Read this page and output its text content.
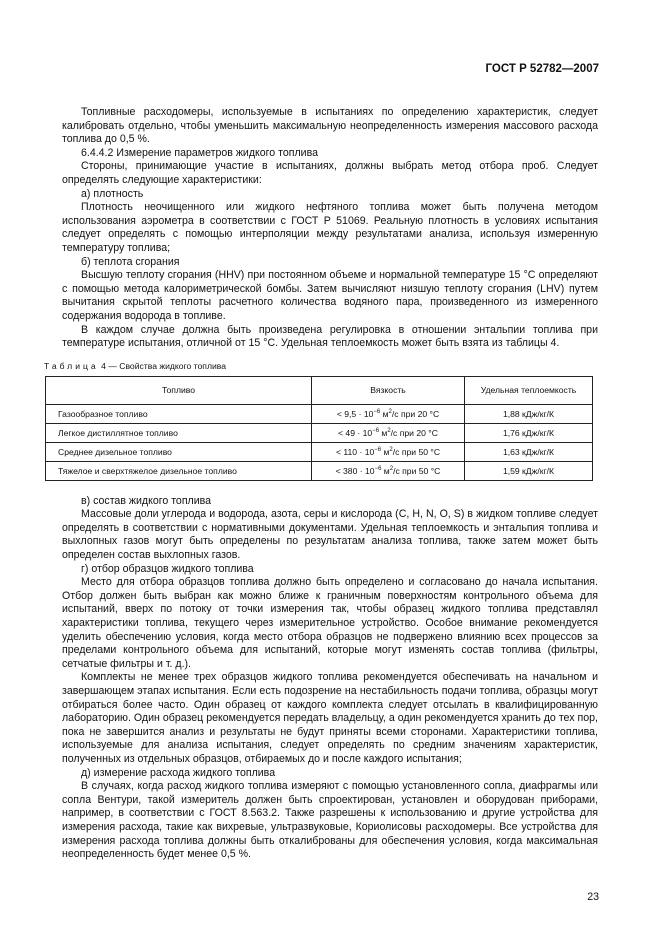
ГОСТ Р 52782—2007

Топливные расходомеры, используемые в испытаниях по определению характеристик, следует калибровать отдельно, чтобы уменьшить максимальную неопределенность измерения массового расхода топлива до 0,5 %.

6.4.4.2 Измерение параметров жидкого топлива

Стороны, принимающие участие в испытаниях, должны выбрать метод отбора проб. Следует определять следующие характеристики:

а) плотность

Плотность неочищенного или жидкого нефтяного топлива может быть получена методом использования аэрометра в соответствии с ГОСТ Р 51069. Реальную плотность в условиях испытания следует определять с помощью интерполяции между результатами анализа, используя измеренную температуру топлива;

б) теплота сгорания

Высшую теплоту сгорания (HHV) при постоянном объеме и нормальной температуре 15 °С определяют с помощью метода калориметрической бомбы. Затем вычисляют низшую теплоту сгорания (LHV) путем вычитания скрытой теплоты расчетного количества водяного пара, произведенного из измеренного содержания водорода в топливе.

В каждом случае должна быть произведена регулировка в отношении энтальпии топлива при температуре испытания, отличной от 15 °С. Удельная теплоемкость может быть взята из таблицы 4.

Таблица 4 — Свойства жидкого топлива
Топливо	Вязкость	Удельная теплоемкость
Газообразное топливо	< $9,5 \cdot 10^{-6}$ $м^2/с$ при 20 °С	1,88 кДж/кг/К
Легкое дистиллятное топливо	< $49 \cdot 10^{-6}$ $м^2/с$ при 20 °С	1,76 кДж/кг/К
Среднее дизельное топливо	< $110 \cdot 10^{-6}$ $м^2/с$ при 50 °С	1,63 кДж/кг/К
Тяжелое и сверхтяжелое дизельное топливо	< $380 \cdot 10^{-6}$ $м^2/с$ при 50 °С	1,59 кДж/кг/К

в) состав жидкого топлива

Массовые доли углерода и водорода, азота, серы и кислорода (C, H, N, O, S) в жидком топливе следует определять в соответствии с нормативными документами. Удельная теплоемкость и энтальпия топлива и выхлопных газов могут быть определены по результатам анализа топлива, также затем может быть определен состав выхлопных газов.

г) отбор образцов жидкого топлива

Место для отбора образцов топлива должно быть определено и согласовано до начала испытания. Отбор должен быть выбран как можно ближе к граничным поверхностям контрольного объема для испытаний, вверх по потоку от точки измерения так, чтобы образец жидкого топлива представлял характеристики топлива, текущего через измерительное устройство. Особое внимание рекомендуется уделить обеспечению условия, когда место отбора образцов не подвержено влиянию всех процессов за пределами контрольного объема для испытаний, которые могут изменять состав топлива (фильтры, сетчатые фильтры и т. д.).

Комплекты не менее трех образцов жидкого топлива рекомендуется обеспечивать на начальном и завершающем этапах испытания. Если есть подозрение на нестабильность подачи топлива, образцы могут отбираться более часто. Один образец от каждого комплекта следует отсылать в квалифицированную лабораторию. Один образец рекомендуется передать владельцу, а один рекомендуется хранить до тех пор, пока не завершится анализ и результаты не будут приняты всеми сторонами. Характеристики топлива, используемые для анализа испытания, следует определять по средним значениям характеристик, полученных из отдельных образцов, отбираемых до и после каждого испытания;

д) измерение расхода жидкого топлива

В случаях, когда расход жидкого топлива измеряют с помощью установленного сопла, диафрагмы или сопла Вентури, такой измеритель должен быть спроектирован, установлен и оборудован приборами, например, в соответствии с ГОСТ 8.563.2. Также разрешены к использованию и другие устройства для измерения расхода, такие как вихревые, ультразвуковые, Кориолисовы расходомеры. Все устройства для измерения расхода топлива должны быть откалиброваны для обеспечения условия, когда максимальная неопределенность будет менее 0,5 %.

23
